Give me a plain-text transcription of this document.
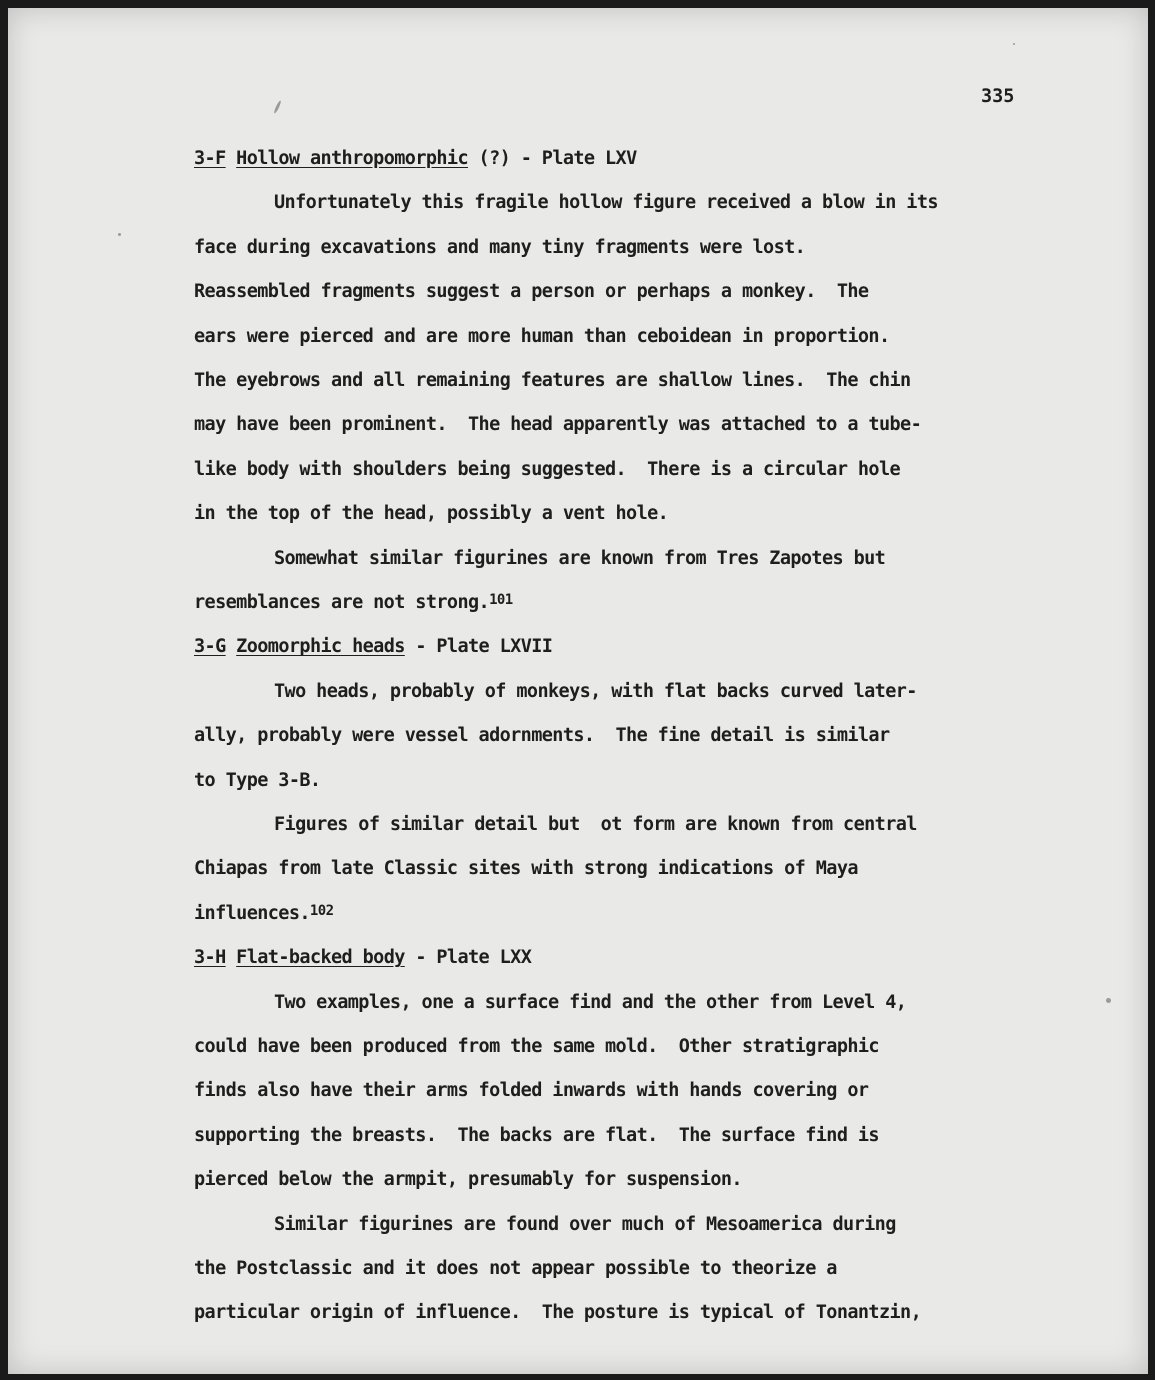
335
3-F Hollow anthropomorphic (?) - Plate LXV
Unfortunately this fragile hollow figure received a blow in its
face during excavations and many tiny fragments were lost.
Reassembled fragments suggest a person or perhaps a monkey.  The
ears were pierced and are more human than ceboidean in proportion.
The eyebrows and all remaining features are shallow lines.  The chin
may have been prominent.  The head apparently was attached to a tube-
like body with shoulders being suggested.  There is a circular hole
in the top of the head, possibly a vent hole.
Somewhat similar figurines are known from Tres Zapotes but
resemblances are not strong.$^{101}$
3-G Zoomorphic heads - Plate LXVII
Two heads, probably of monkeys, with flat backs curved later-
ally, probably were vessel adornments.  The fine detail is similar
to Type 3-B.
Figures of similar detail but  ot form are known from central
Chiapas from late Classic sites with strong indications of Maya
influences.$^{102}$
3-H Flat-backed body - Plate LXX
Two examples, one a surface find and the other from Level 4,
could have been produced from the same mold.  Other stratigraphic
finds also have their arms folded inwards with hands covering or
supporting the breasts.  The backs are flat.  The surface find is
pierced below the armpit, presumably for suspension.
Similar figurines are found over much of Mesoamerica during
the Postclassic and it does not appear possible to theorize a
particular origin of influence.  The posture is typical of Tonantzin,
